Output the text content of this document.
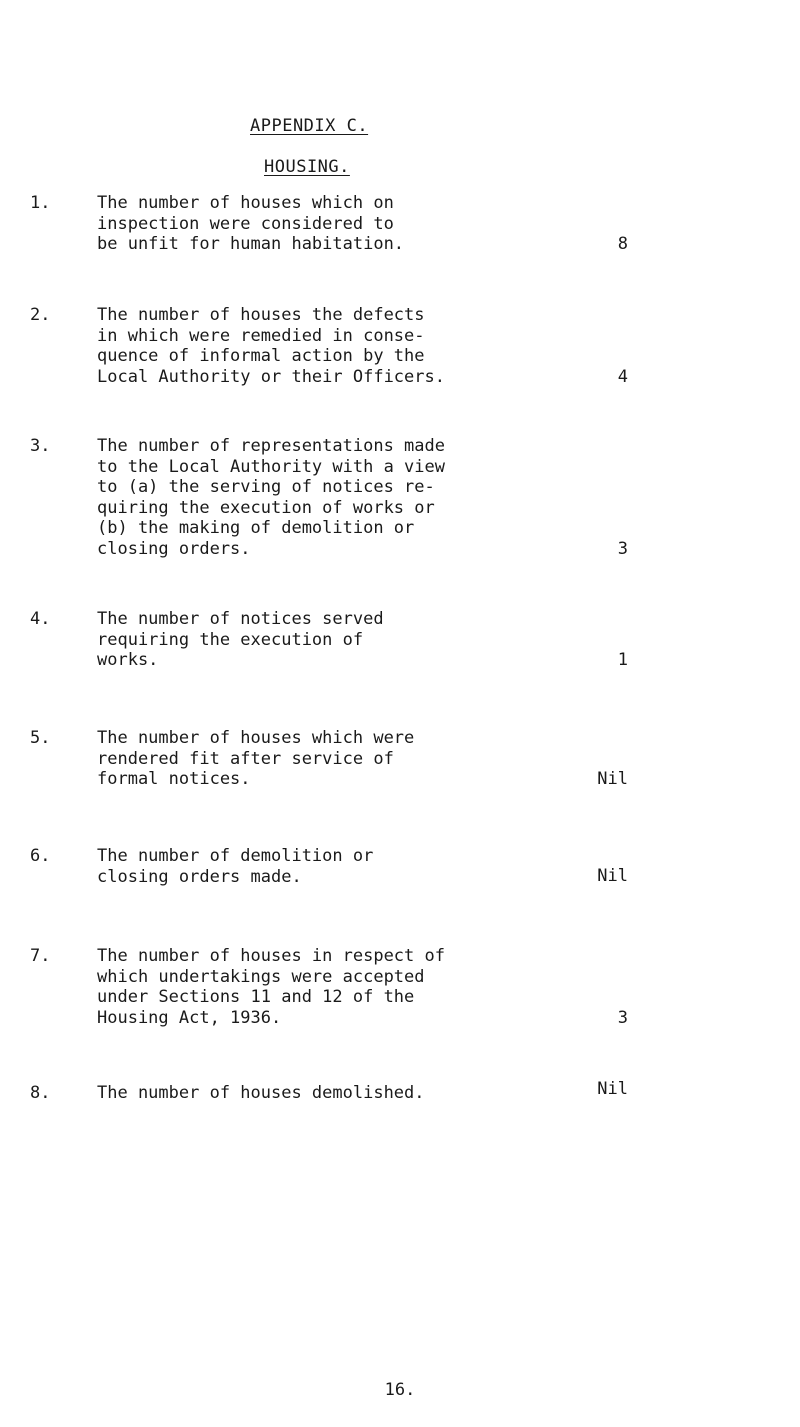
APPENDIX C.
HOUSING.
1.	The number of houses which on
inspection were considered to
be unfit for human habitation.	8
2.	The number of houses the defects
in which were remedied in conse-
quence of informal action by the
Local Authority or their Officers.	4
3.	The number of representations made
to the Local Authority with a view
to (a) the serving of notices re-
quiring the execution of works or
(b) the making of demolition or
closing orders.	3
4.	The number of notices served
requiring the execution of
works.	1
5.	The number of houses which were
rendered fit after service of
formal notices.	Nil
6.	The number of demolition or
closing orders made.	Nil
7.	The number of houses in respect of
which undertakings were accepted
under Sections 11 and 12 of the
Housing Act, 1936.	3
8.	The number of houses demolished.	Nil
16.
